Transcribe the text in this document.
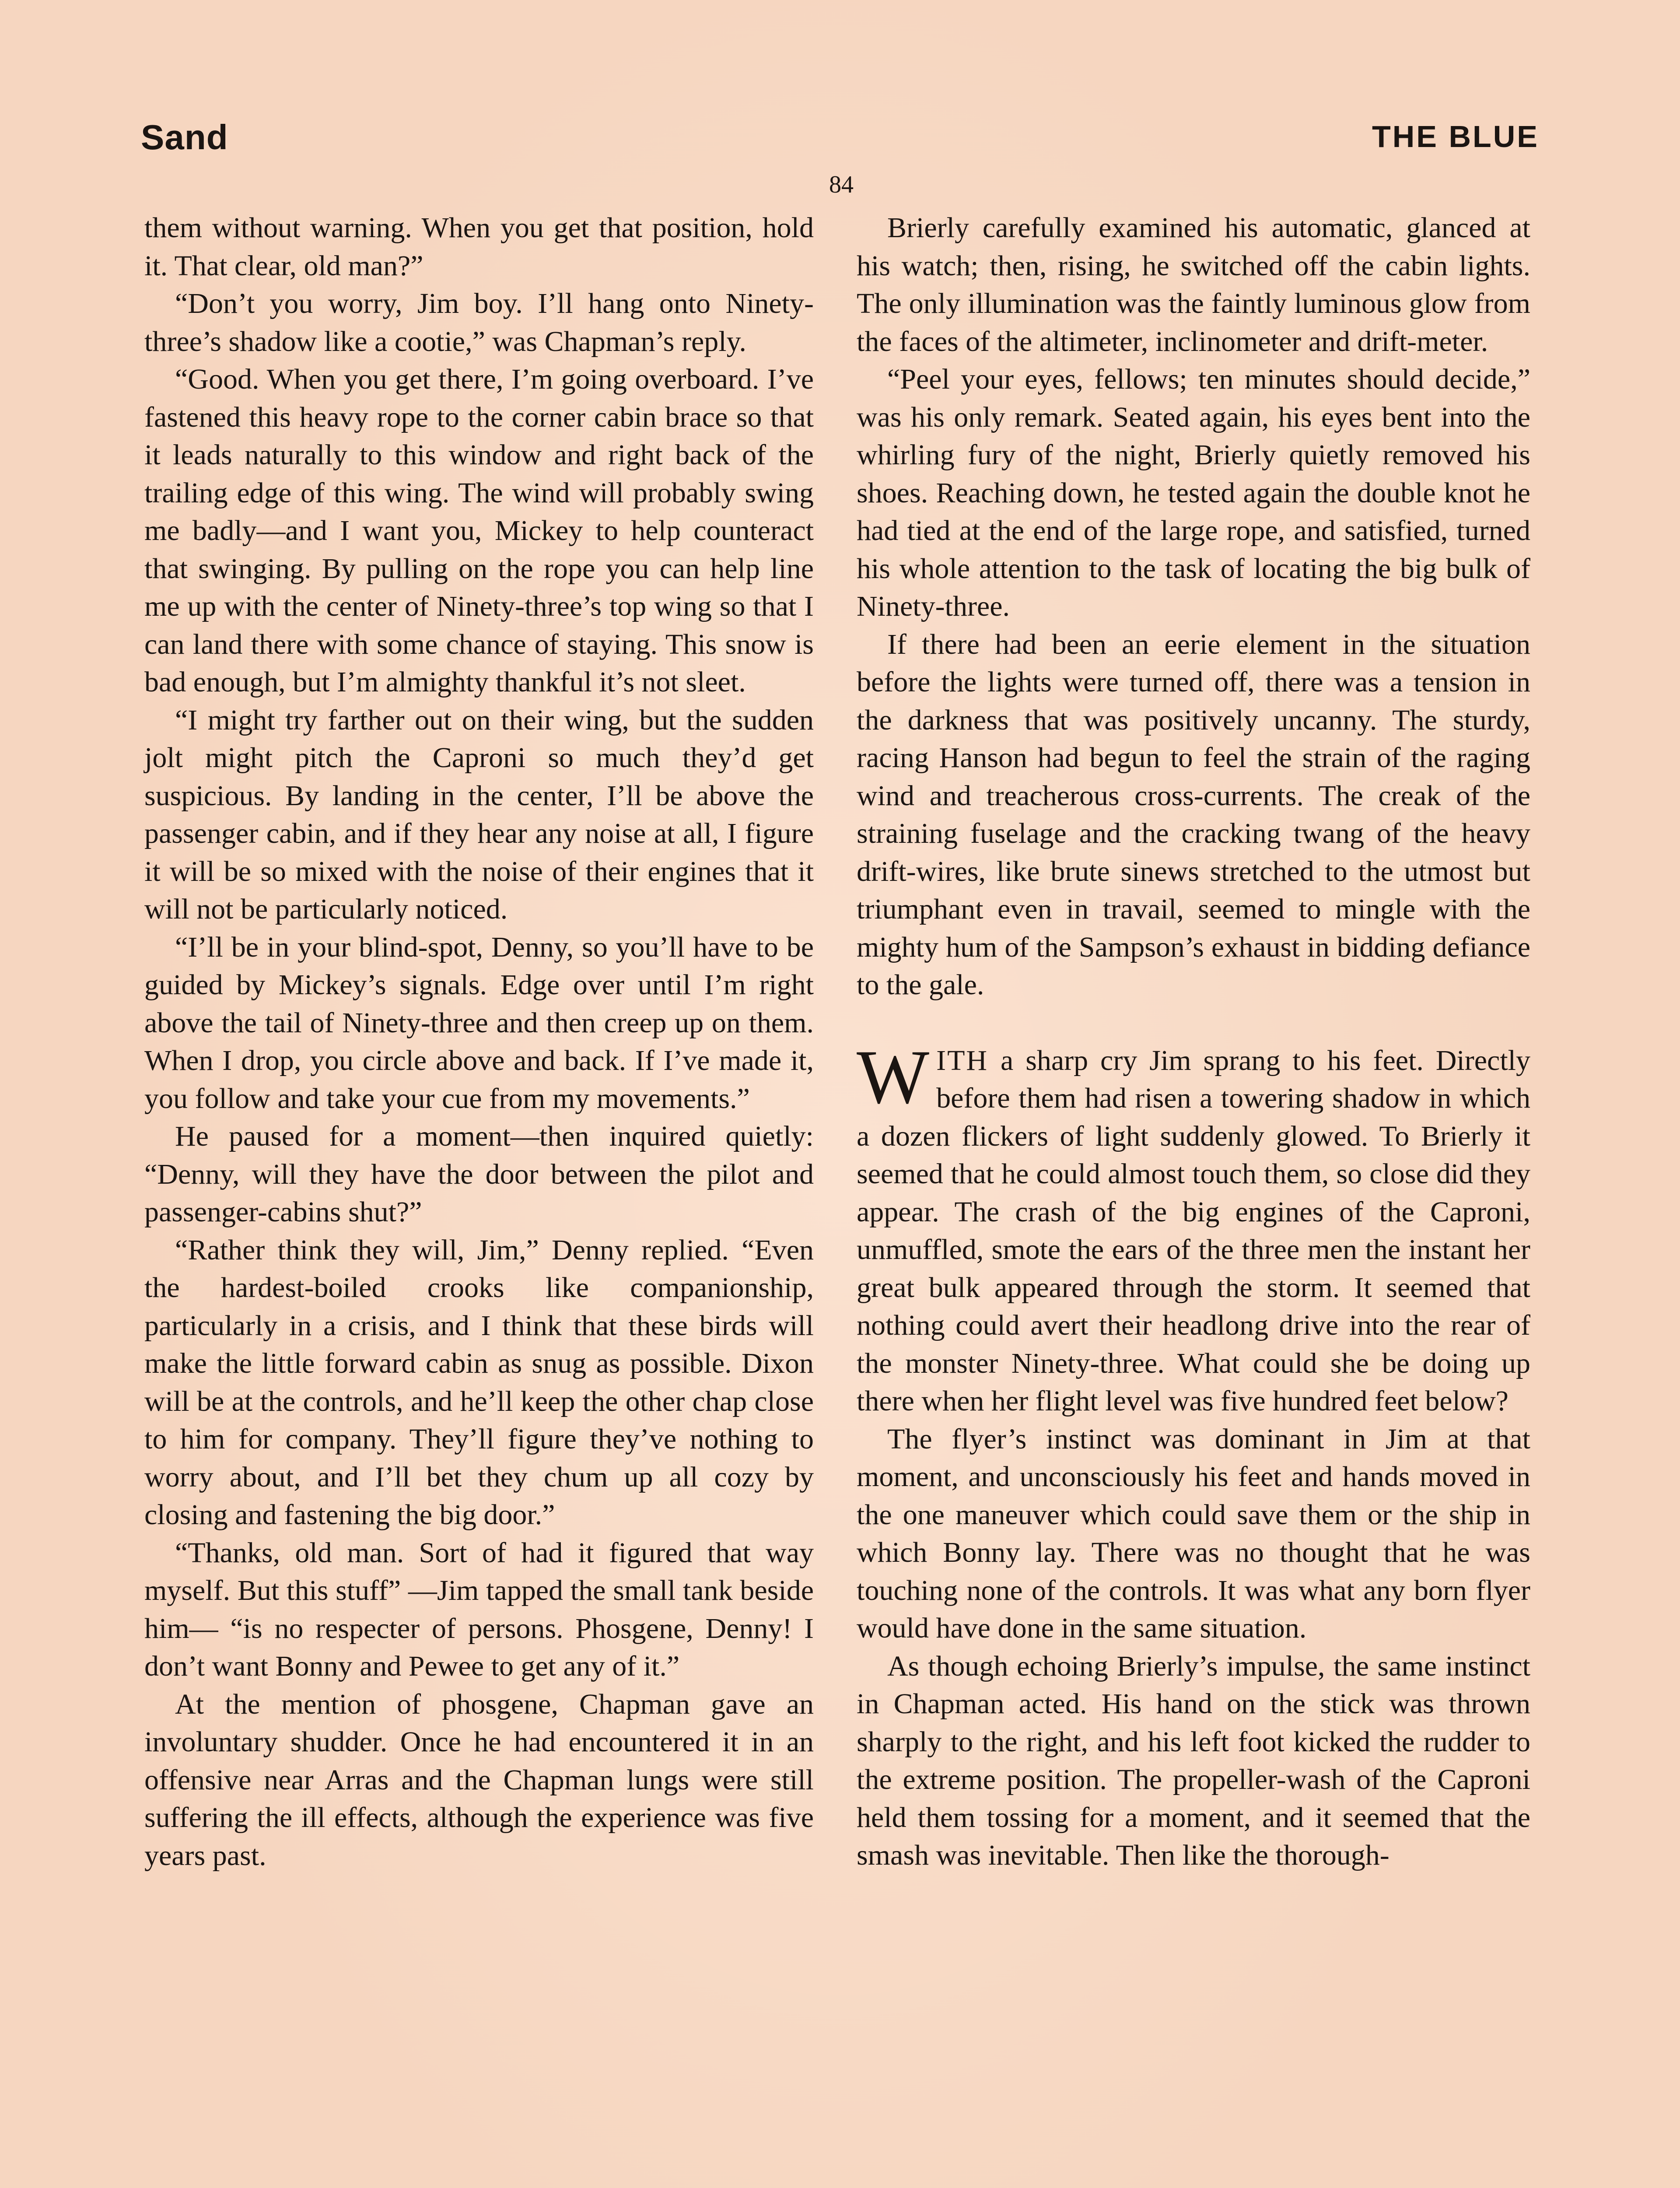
Sand	THE BLUE
84

them without warning. When you get that position, hold it. That clear, old man?”

“Don’t you worry, Jim boy. I’ll hang onto Ninety-three’s shadow like a cootie,” was Chapman’s reply.

“Good. When you get there, I’m going overboard. I’ve fastened this heavy rope to the corner cabin brace so that it leads naturally to this window and right back of the trailing edge of this wing. The wind will probably swing me badly—and I want you, Mickey to help counteract that swinging. By pulling on the rope you can help line me up with the center of Ninety-three’s top wing so that I can land there with some chance of staying. This snow is bad enough, but I’m almighty thankful it’s not sleet.

“I might try farther out on their wing, but the sudden jolt might pitch the Caproni so much they’d get suspicious. By landing in the center, I’ll be above the passenger cabin, and if they hear any noise at all, I figure it will be so mixed with the noise of their engines that it will not be particularly noticed.

“I’ll be in your blind-spot, Denny, so you’ll have to be guided by Mickey’s signals. Edge over until I’m right above the tail of Ninety-three and then creep up on them. When I drop, you circle above and back. If I’ve made it, you follow and take your cue from my movements.”

He paused for a moment—then inquired quietly: “Denny, will they have the door between the pilot and passenger-cabins shut?”

“Rather think they will, Jim,” Denny replied. “Even the hardest-boiled crooks like companionship, particularly in a crisis, and I think that these birds will make the little forward cabin as snug as possible. Dixon will be at the controls, and he’ll keep the other chap close to him for company. They’ll figure they’ve nothing to worry about, and I’ll bet they chum up all cozy by closing and fastening the big door.”

“Thanks, old man. Sort of had it figured that way myself. But this stuff” —Jim tapped the small tank beside him— “is no respecter of persons. Phosgene, Denny! I don’t want Bonny and Pewee to get any of it.”

At the mention of phosgene, Chapman gave an involuntary shudder. Once he had encountered it in an offensive near Arras and the Chapman lungs were still suffering the ill effects, although the experience was five years past.

Brierly carefully examined his automatic, glanced at his watch; then, rising, he switched off the cabin lights. The only illumination was the faintly luminous glow from the faces of the altimeter, inclinometer and drift-meter.

“Peel your eyes, fellows; ten minutes should decide,” was his only remark. Seated again, his eyes bent into the whirling fury of the night, Brierly quietly removed his shoes. Reaching down, he tested again the double knot he had tied at the end of the large rope, and satisfied, turned his whole attention to the task of locating the big bulk of Ninety-three.

If there had been an eerie element in the situation before the lights were turned off, there was a tension in the darkness that was positively uncanny. The sturdy, racing Hanson had begun to feel the strain of the raging wind and treacherous cross-currents. The creak of the straining fuselage and the cracking twang of the heavy drift-wires, like brute sinews stretched to the utmost but triumphant even in travail, seemed to mingle with the mighty hum of the Sampson’s exhaust in bidding defiance to the gale.

WITH a sharp cry Jim sprang to his feet. Directly before them had risen a towering shadow in which a dozen flickers of light suddenly glowed. To Brierly it seemed that he could almost touch them, so close did they appear. The crash of the big engines of the Caproni, unmuffled, smote the ears of the three men the instant her great bulk appeared through the storm. It seemed that nothing could avert their headlong drive into the rear of the monster Ninety-three. What could she be doing up there when her flight level was five hundred feet below?

The flyer’s instinct was dominant in Jim at that moment, and unconsciously his feet and hands moved in the one maneuver which could save them or the ship in which Bonny lay. There was no thought that he was touching none of the controls. It was what any born flyer would have done in the same situation.

As though echoing Brierly’s impulse, the same instinct in Chapman acted. His hand on the stick was thrown sharply to the right, and his left foot kicked the rudder to the extreme position. The propeller-wash of the Caproni held them tossing for a moment, and it seemed that the smash was inevitable. Then like the thorough-
